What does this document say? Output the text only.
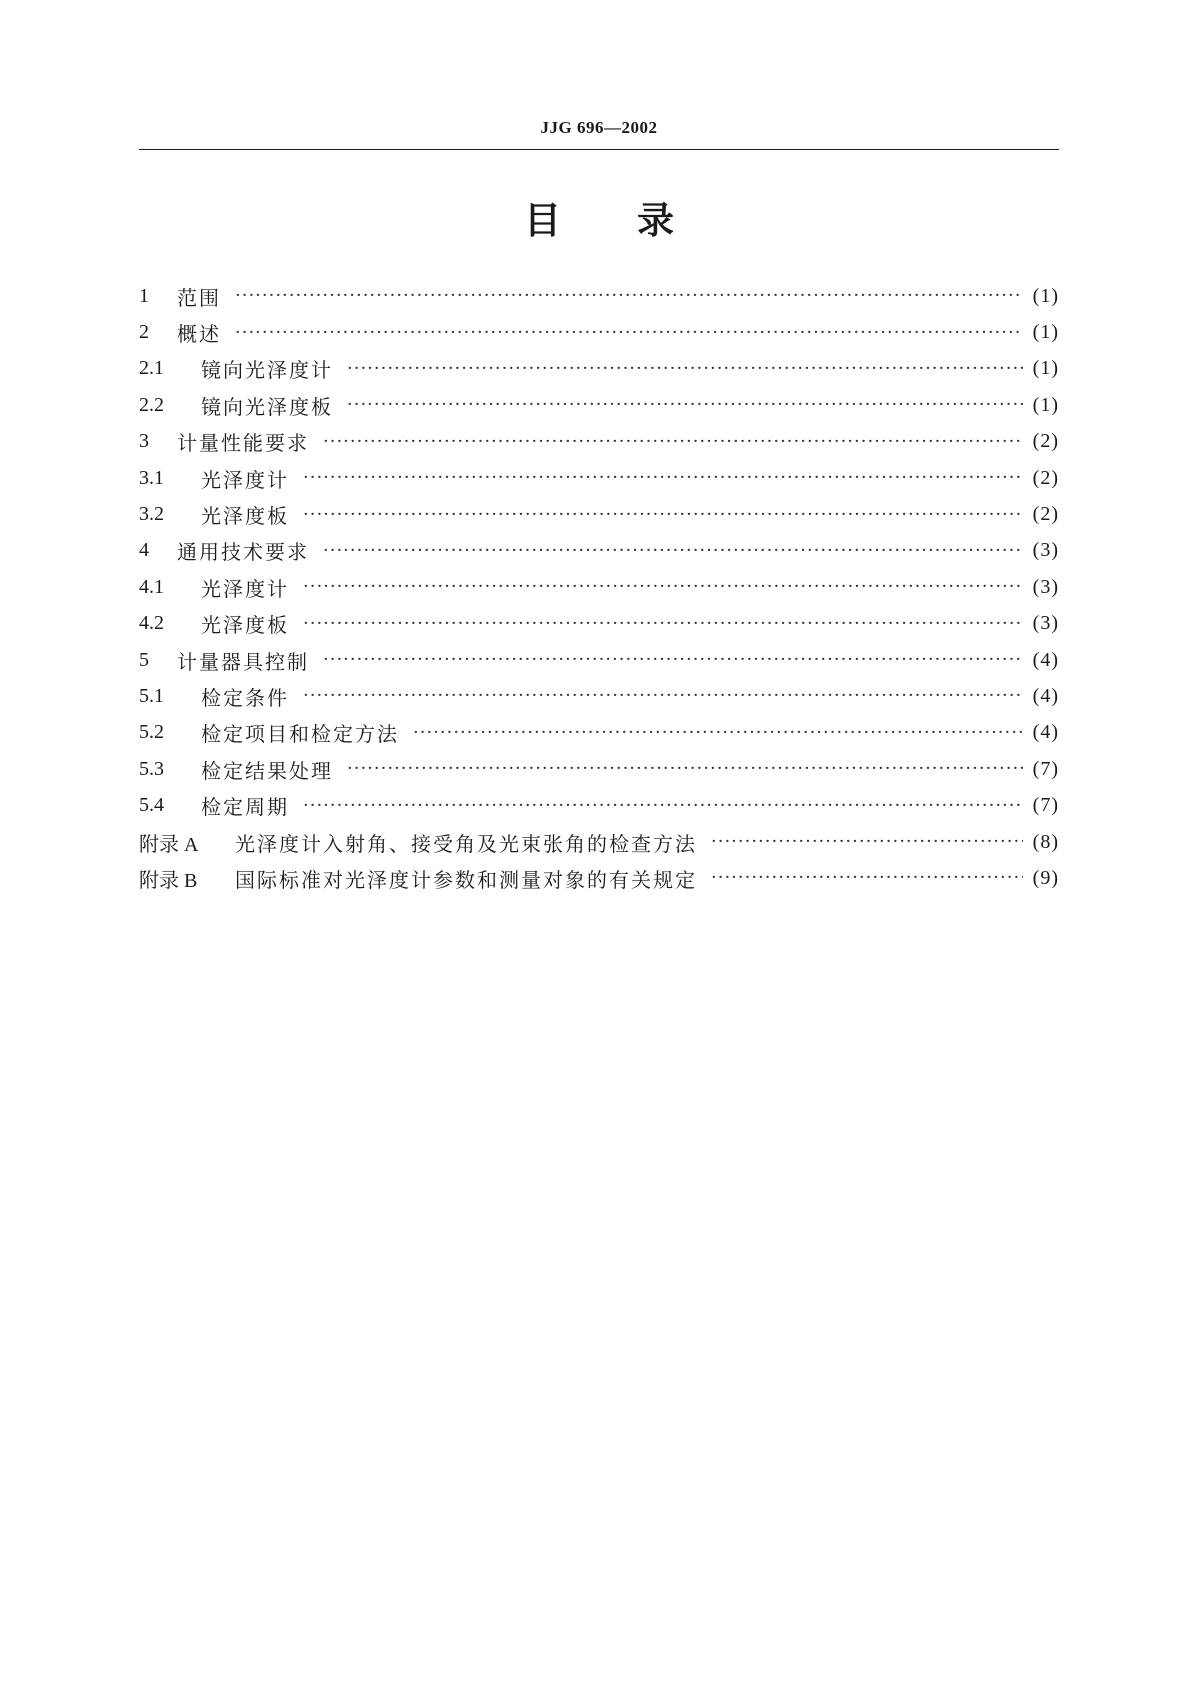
JJG 696—2002
目 录
1	范围 ·····	(1)
2	概述 ·····	(1)
2.1	镜向光泽度计 ·····	(1)
2.2	镜向光泽度板 ·····	(1)
3	计量性能要求 ·····	(2)
3.1	光泽度计 ·····	(2)
3.2	光泽度板 ·····	(2)
4	通用技术要求 ·····	(3)
4.1	光泽度计 ·····	(3)
4.2	光泽度板 ·····	(3)
5	计量器具控制 ·····	(4)
5.1	检定条件 ·····	(4)
5.2	检定项目和检定方法 ·····	(4)
5.3	检定结果处理 ·····	(7)
5.4	检定周期 ·····	(7)
附录 A	光泽度计入射角、接受角及光束张角的检查方法 ·····	(8)
附录 B	国际标准对光泽度计参数和测量对象的有关规定 ·····	(9)
